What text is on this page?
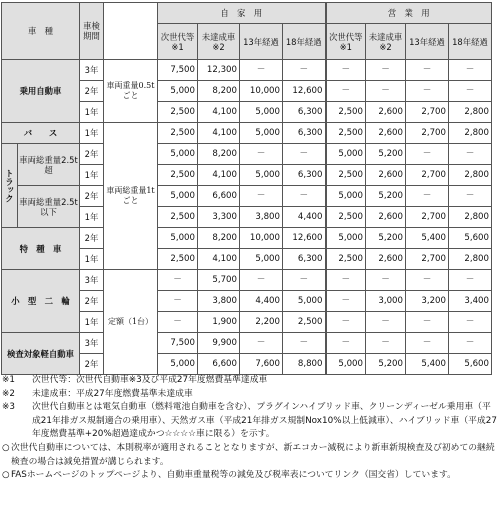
車　種		車検期間		自　家　用				営　業　用			
				次世代等※1	未達成車※2	13年経過	18年経過	次世代等※1	未達成車※2	13年経過	18年経過
乗用自動車		3年	車両重量0.5tごと	7,500	12,300	－	－	－	－	－	－
		2年		5,000	8,200	10,000	12,600	－	－	－	－
		1年		2,500	4,100	5,000	6,300	2,500	2,600	2,700	2,800
バ　　ス		1年	車両総重量1tごと	2,500	4,100	5,000	6,300	2,500	2,600	2,700	2,800
トラック	車両総重量2.5t超	2年		5,000	8,200	－	－	5,000	5,200	－	－
		1年		2,500	4,100	5,000	6,300	2,500	2,600	2,700	2,800
	車両総重量2.5t以下	2年		5,000	6,600	－	－	5,000	5,200	－	－
		1年		2,500	3,300	3,800	4,400	2,500	2,600	2,700	2,800
特　種　車		2年		5,000	8,200	10,000	12,600	5,000	5,200	5,400	5,600
		1年		2,500	4,100	5,000	6,300	2,500	2,600	2,700	2,800
小　型　二　輪		3年	定額（1台）	－	5,700	－	－	－	－	－	－
		2年		－	3,800	4,400	5,000	－	3,000	3,200	3,400
		1年		－	1,900	2,200	2,500	－	－	－	－
検査対象軽自動車		3年		7,500	9,900	－	－	－	－	－	－
		2年		5,000	6,600	7,600	8,800	5,000	5,200	5,400	5,600
※1	次世代等：次世代自動車※3及び平成27年度燃費基準達成車
※2	未達成車：平成27年度燃費基準未達成車
※3	次世代自動車とは電気自動車（燃料電池自動車を含む）、プラグインハイブリッド車、クリーンディーゼル乗用車（平成21年排ガス規制適合の乗用車）、天然ガス車（平成21年排ガス規制Nox10%以上低減車）、ハイブリッド車（平成27年度燃費基準+20%超過達成かつ☆☆☆☆車に限る）を示す。
○ 次世代自動車については、本則税率が適用されることとなりますが、新エコカー減税により新車新規検査及び初めての継続検査の場合は減免措置が講じられます。
○ FASホームページのトップページより、自動車重量税等の減免及び税率表についてリンク（国交省）しています。
